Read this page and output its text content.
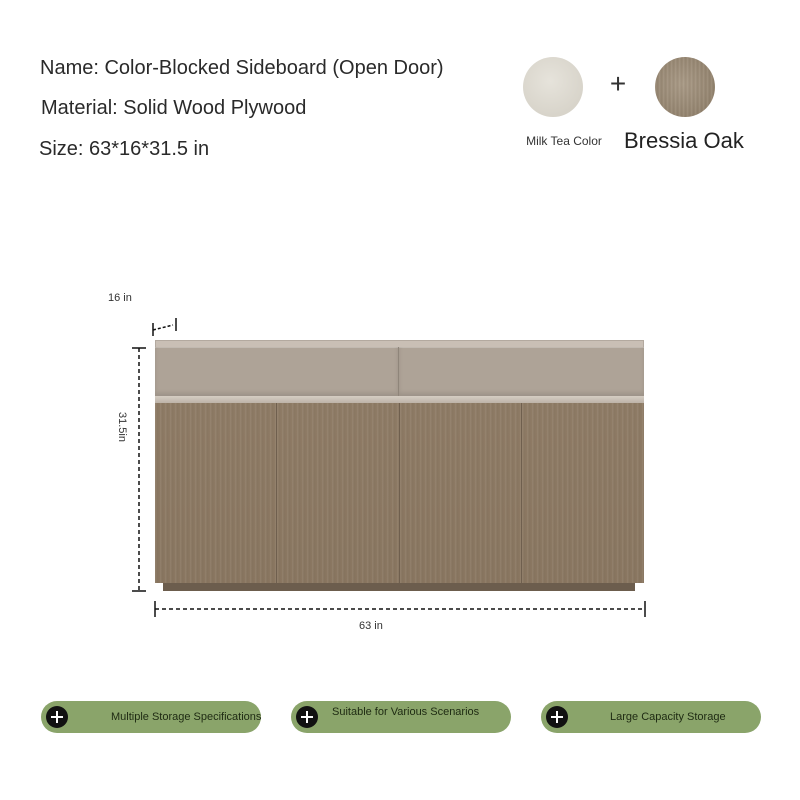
Name: Color-Blocked Sideboard (Open Door)
Material: Solid Wood Plywood
Size: 63*16*31.5 in
+
Milk Tea Color Bressia Oak
16 in
31.5in
63 in
Multiple Storage Specifications	Suitable for Various Scenarios	Large Capacity Storage
